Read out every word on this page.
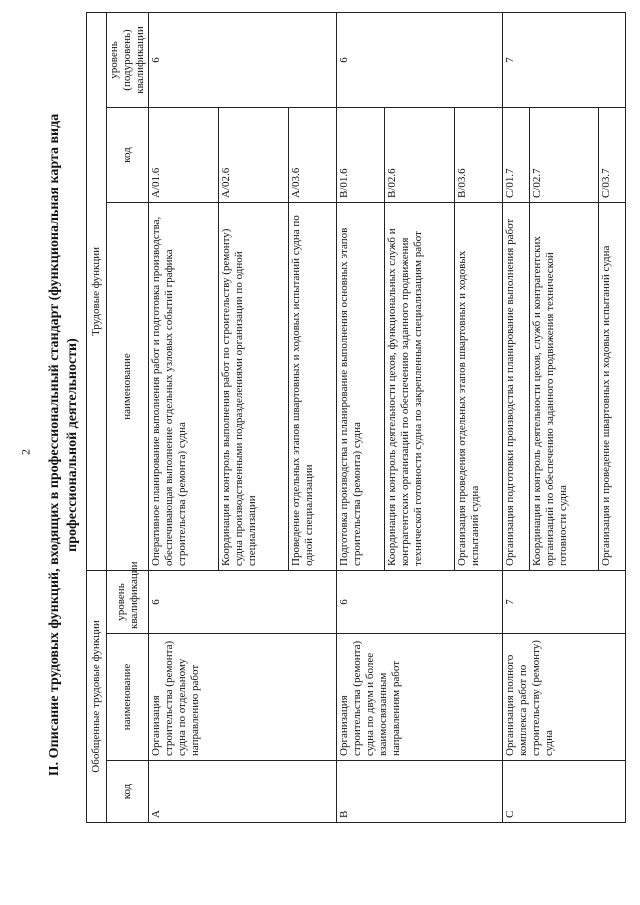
2 II. Описание трудовых функций, входящих в профессиональный стандарт (функциональная карта вида профессиональной деятельности)
Обобщенные трудовые функции			Трудовые функции		
код	наименование	уровень квалификации	наименование	код	уровень (подуровень) квалификации
A	Организация строительства (ремонта) судна по отдельному направлению работ	6	Оперативное планирование выполнения работ и подготовка производства, обеспечивающая выполнение отдельных узловых событий графика строительства (ремонта) судна	A/01.6	6
			Координация и контроль выполнения работ по строительству (ремонту) судна производственными подразделениями организации по одной специализации	A/02.6	
			Проведение отдельных этапов швартовных и ходовых испытаний судна по одной специализации	A/03.6	
B	Организация строительства (ремонта) судна по двум и более взаимосвязанным направлениям работ	6	Подготовка производства и планирование выполнения основных этапов строительства (ремонта) судна	B/01.6	6
			Координация и контроль деятельности цехов, функциональных служб и контрагентских организаций по обеспечению заданного продвижения технической готовности судна по закрепленным специализациям работ	B/02.6	
			Организация проведения отдельных этапов швартовных и ходовых испытаний судна	B/03.6	
C	Организация полного комплекса работ по строительству (ремонту) судна	7	Организация подготовки производства и планирование выполнения работ	C/01.7	7
			Координация и контроль деятельности цехов, служб и контрагентских организаций по обеспечению заданного продвижения технической готовности судна	C/02.7	
			Организация и проведение швартовных и ходовых испытаний судна	C/03.7	
